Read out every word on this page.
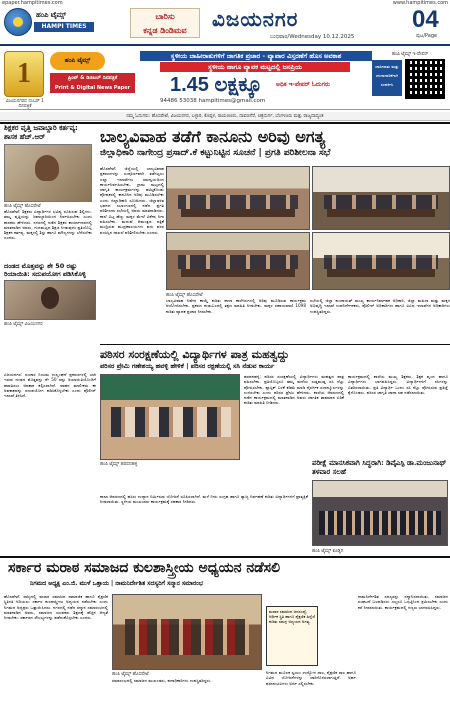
epaper.hampitimes.com	www.hampitimes.com
ಹಂಪಿ ಟೈಮ್ಸ್
HAMPI TIMES
ಬಾರಿಸು
ಕನ್ನಡ ಡಿಂಡಿಮವ	ವಿಜಯನಗರ
ಬುಧವಾರ/Wednesday 10.12.2025
04
ಪುಟ/Page
1
ವಿಜಯನಗರದ ನಂಬರ್ 1 ದಿನಪತ್ರಿಕೆ
ಹಂಪಿ ಟೈಮ್ಸ್
ಪ್ರಿಂಟ್ & ಡಿಜಿಟಲ್ ದಿನಪತ್ರಿಕೆ
Print & Digital News Paper
ಸ್ಥಳೀಯ ಜಾಹೀರಾತುಗಳಿಗೆ ಜಾಗತಿಕ ಪ್ರಚಾರ - ವ್ಯಾಪಾರ ವಿಸ್ತರಣೆಗೆ ಹೊಸ ಅವಕಾಶ
ಸ್ಥಳೀಯ ಹಾಗೂ ವ್ಯಾಪಕ ಮಟ್ಟದಲ್ಲಿ ಜನಪ್ರಿಯ
1.45 ಲಕ್ಷಕ್ಕೂ ಅಧಿಕ ಇ-ಪೇಪರ್ ಓದುಗರು
94486 53038 hampitimes@gmail.com
ಹಂಪಿ ಟೈಮ್ಸ್ ಇ-ಪೇಪರ್
ಜಾಹೀರಾತು ಮತ್ತು ಚಂದಾದಾರಿಕೆಗಾಗಿ ಸಂಪರ್ಕಿಸಿ
ನಮ್ಮ ಓದುಗರು: ಹೊಸಪೇಟೆ, ವಿಜಯನಗರ, ಬಳ್ಳಾರಿ, ಕೊಪ್ಪಳ, ರಾಯಚೂರು, ದಾವಣಗೆರೆ, ಚಿತ್ರದುರ್ಗ, ಬೆಂಗಳೂರು ಮತ್ತು ರಾಜ್ಯದಾದ್ಯಂತ
ಬಾಲ್ಯವಿವಾಹ ತಡೆಗೆ ಕಾನೂನು ಅರಿವು ಅಗತ್ಯ
ಜಿಲ್ಲಾಧಿಕಾರಿ ನಾಗೇಂದ್ರ ಪ್ರಸಾದ್.ಕೆ ಕಟ್ಟುನಿಟ್ಟಿನ ಸೂಚನೆ | ಪ್ರಗತಿ ಪರಿಶೀಲನಾ ಸಭೆ
ಶಿಕ್ಷಕರ ವೃತ್ತಿ ಜವಾಬ್ದಾರಿ ಕರ್ತವ್ಯ: ಶಾಸಕ ಹೆಚ್.ಆರ್
ಹಂಪಿ ಟೈಮ್ಸ್ ಹೊಸಪೇಟೆ
ಹೊಸಪೇಟೆ: ಶಿಕ್ಷಕರು ವಿದ್ಯಾರ್ಥಿಗಳ ಭವಿಷ್ಯ ರೂಪಿಸುವ ಶಿಲ್ಪಿಗಳು. ತಮ್ಮ ವೃತ್ತಿಯನ್ನು ಜವಾಬ್ದಾರಿಯಿಂದ ನಿರ್ವಹಿಸಬೇಕು ಎಂದು ಶಾಸಕರು ಹೇಳಿದರು. ನಗರದಲ್ಲಿ ನಡೆದ ಶಿಕ್ಷಕರ ಕಾರ್ಯಾಗಾರದಲ್ಲಿ ಮಾತನಾಡಿದ ಅವರು, ಗುಣಮಟ್ಟದ ಶಿಕ್ಷಣ ನೀಡುವುದು ಪ್ರತಿಯೊಬ್ಬ ಶಿಕ್ಷಕನ ಕರ್ತವ್ಯ. ಮಕ್ಕಳಲ್ಲಿ ಶಿಸ್ತು ಹಾಗೂ ಮೌಲ್ಯಗಳನ್ನು ಬೆಳೆಸಬೇಕು ಎಂದರು.
ಹೊಸಪೇಟೆ: ಜಿಲ್ಲೆಯಲ್ಲಿ ಬಾಲ್ಯವಿವಾಹ ಪ್ರಕರಣಗಳನ್ನು ಸಂಪೂರ್ಣವಾಗಿ ತಡೆಗಟ್ಟಲು ಎಲ್ಲಾ ಇಲಾಖೆಗಳು ಸಮನ್ವಯದಿಂದ ಕಾರ್ಯನಿರ್ವಹಿಸಬೇಕು. ಗ್ರಾಮ ಮಟ್ಟದಲ್ಲಿ ಜಾಗೃತಿ ಕಾರ್ಯಕ್ರಮಗಳನ್ನು ಹಮ್ಮಿಕೊಂಡು ಪೋಷಕರಲ್ಲಿ ಕಾನೂನಿನ ಅರಿವು ಮೂಡಿಸಬೇಕು ಎಂದು ಜಿಲ್ಲಾಧಿಕಾರಿ ಸೂಚಿಸಿದರು. ಜಿಲ್ಲಾಡಳಿತ ಭವನದ ಸಭಾಂಗಣದಲ್ಲಿ ನಡೆದ ಪ್ರಗತಿ ಪರಿಶೀಲನಾ ಸಭೆಯಲ್ಲಿ ಅವರು ಮಾತನಾಡಿದರು. ಶಾಲೆ ಬಿಟ್ಟ ಹೆಣ್ಣು ಮಕ್ಕಳ ಮೇಲೆ ವಿಶೇಷ ನಿಗಾ ವಹಿಸಬೇಕು. ಮದುವೆ ಆಮಂತ್ರಣ ಪತ್ರಿಕೆ ಮುದ್ರಿಸುವ ಮುದ್ರಣಾಲಯಗಳು ವಧು ವರರ ವಯಸ್ಸಿನ ದಾಖಲೆ ಪರಿಶೀಲಿಸಬೇಕು ಎಂದರು.
ಹಂಪಿ ಟೈಮ್ಸ್ ಹೊಸಪೇಟೆ
ಬಾಲ್ಯವಿವಾಹ ನಿಷೇಧ ಕಾಯ್ದೆ ಕುರಿತು ಶಾಲಾ ಕಾಲೇಜುಗಳಲ್ಲಿ ಅರಿವು ಮೂಡಿಸುವ ಕಾರ್ಯಕ್ರಮ ಆಯೋಜಿಸಬೇಕು. ಪ್ರಕರಣ ಕಂಡುಬಂದಲ್ಲಿ ತಕ್ಷಣ ಮಾಹಿತಿ ನೀಡಬೇಕು. ಮಕ್ಕಳ ಸಹಾಯವಾಣಿ 1098 ಕುರಿತು ವ್ಯಾಪಕ ಪ್ರಚಾರ ನೀಡಬೇಕು.
ಸಭೆಯಲ್ಲಿ ಜಿಲ್ಲಾ ಪಂಚಾಯತ್ ಮುಖ್ಯ ಕಾರ್ಯನಿರ್ವಾಹಕ ಅಧಿಕಾರಿ, ಜಿಲ್ಲಾ ಮಹಿಳಾ ಮತ್ತು ಮಕ್ಕಳ ಅಭಿವೃದ್ಧಿ ಇಲಾಖೆ ಉಪನಿರ್ದೇಶಕರು, ಪೊಲೀಸ್ ಅಧಿಕಾರಿಗಳು ಹಾಗೂ ವಿವಿಧ ಇಲಾಖೆಗಳ ಅಧಿಕಾರಿಗಳು ಉಪಸ್ಥಿತರಿದ್ದರು.
ದಂಡದ ಮೊತ್ತವನ್ನು ಶೇ 50 ರಷ್ಟು ರಿಯಾಯಿತಿ: ಸದುಪಯೋಗ ಪಡಿಸಿಕೊಳ್ಳಿ
ಹಂಪಿ ಟೈಮ್ಸ್ ವಿಜಯನಗರ
ಪಠಿಸರ ಸಂರಕ್ಷಣೆಯಲ್ಲಿ ವಿದ್ಯಾರ್ಥಿಗಳ ಪಾತ್ರ ಮಹತ್ವದ್ದು
ಪರಿಸರ ಪ್ರೇಮಿ ಗಣೇಶಯ್ಯ ಹವಳ್ಳಿ ಹೇಳಿಕೆ | ಪರಿಸರ ರಕ್ಷಣೆಯಲ್ಲಿ ಸಸಿ ನೆಡುವ ಕಾರ್ಯ
ಹಂಪಿ ಟೈಮ್ಸ್ ಹರಪನಹಳ್ಳಿ
ಹರಪನಹಳ್ಳಿ: ಪರಿಸರ ಸಂರಕ್ಷಣೆಯಲ್ಲಿ ವಿದ್ಯಾರ್ಥಿಗಳು ಮಹತ್ವದ ಪಾತ್ರ ವಹಿಸಬೇಕು. ಪ್ರತಿಯೊಬ್ಬರೂ ತಮ್ಮ ಮನೆಯ ಸುತ್ತಮುತ್ತ ಸಸಿ ನೆಟ್ಟು ಪೋಷಿಸಬೇಕು. ಪ್ಲಾಸ್ಟಿಕ್ ಬಳಕೆ ಕಡಿಮೆ ಮಾಡಿ ನೈಸರ್ಗಿಕ ಸಂಪನ್ಮೂಲಗಳನ್ನು ಉಳಿಸಬೇಕು ಎಂದು ಪರಿಸರ ಪ್ರೇಮಿ ಹೇಳಿದರು. ಶಾಲೆಯ ಆವರಣದಲ್ಲಿ ನಡೆದ ಕಾರ್ಯಕ್ರಮದಲ್ಲಿ ಮಾತನಾಡಿದ ಅವರು ಜಾಗತಿಕ ತಾಪಮಾನ ಏರಿಕೆ ಕುರಿತು ಮಾಹಿತಿ ನೀಡಿದರು.
ಕಾರ್ಯಕ್ರಮದಲ್ಲಿ ಶಾಲೆಯ ಮುಖ್ಯ ಶಿಕ್ಷಕರು, ಶಿಕ್ಷಕ ವೃಂದ ಹಾಗೂ ವಿದ್ಯಾರ್ಥಿಗಳು ಭಾಗವಹಿಸಿದ್ದರು. ವಿದ್ಯಾರ್ಥಿಗಳಿಗೆ ಸಸಿಗಳನ್ನು ವಿತರಿಸಲಾಯಿತು. ಪ್ರತಿ ವಿದ್ಯಾರ್ಥಿ ಒಂದು ಸಸಿ ನೆಟ್ಟು ಪೋಷಿಸುವ ಪ್ರತಿಜ್ಞೆ ಕೈಗೊಂಡರು. ಪರಿಸರ ಜಾಗೃತಿ ಜಾಥಾ ಸಹ ನಡೆಸಲಾಯಿತು.
ವಿಜಯನಗರ: ಸಂಚಾರ ನಿಯಮ ಉಲ್ಲಂಘನೆ ಪ್ರಕರಣಗಳಲ್ಲಿ ಬಾಕಿ ಇರುವ ದಂಡದ ಮೊತ್ತವನ್ನು ಶೇ 50 ರಷ್ಟು ರಿಯಾಯಿತಿಯೊಂದಿಗೆ ಪಾವತಿಸಲು ಅವಕಾಶ ಕಲ್ಪಿಸಲಾಗಿದೆ. ವಾಹನ ಮಾಲೀಕರು ಈ ಅವಕಾಶವನ್ನು ಸದುಪಯೋಗ ಪಡಿಸಿಕೊಳ್ಳಬೇಕು ಎಂದು ಪೊಲೀಸ್ ಇಲಾಖೆ ತಿಳಿಸಿದೆ.
ಶಾಲಾ ಆವರಣದಲ್ಲಿ ಹಸಿರು ಉದ್ಯಾನ ನಿರ್ಮಿಸುವ ಯೋಜನೆ ರೂಪಿಸಲಾಗಿದೆ. ಮಳೆ ನೀರು ಸಂಗ್ರಹ ಹಾಗೂ ತ್ಯಾಜ್ಯ ನಿರ್ವಹಣೆ ಕುರಿತು ವಿದ್ಯಾರ್ಥಿಗಳಿಗೆ ಪ್ರಾತ್ಯಕ್ಷಿಕೆ ನೀಡಲಾಯಿತು. ಸ್ಥಳೀಯ ಮುಖಂಡರು ಕಾರ್ಯಕ್ರಮಕ್ಕೆ ಸಹಕಾರ ನೀಡಿದರು.
ಪರೀಕ್ಷೆ ಮಾನಸಿಕವಾಗಿ ಸಿದ್ಧರಾಗಿ: ಡಿವೈಎಸ್ಪಿ ಡಾ.ಮಂಜುನಾಥ್ ತಳವಾರ ಸಲಹೆ
ಸರ್ಕಾರ ಮರಾಠ ಸಮಾಜದ ಕುಲಶಾಸ್ತ್ರೀಯ ಅಧ್ಯಯನ ನಡೆಸಲಿ
ನಿಗಮದ ಅಧ್ಯಕ್ಷ ಎಂ.ಜಿ. ಮುಳೆ ಒತ್ತಾಯ | ನಾಮನಿರ್ದೇಶಿತ ಸದಸ್ಯರಿಗೆ ಸನ್ಮಾನ ಸಮಾರಂಭ
ಹೊಸಪೇಟೆ: ರಾಜ್ಯದಲ್ಲಿ ಮರಾಠ ಸಮಾಜದ ಸಾಮಾಜಿಕ ಹಾಗೂ ಶೈಕ್ಷಣಿಕ ಸ್ಥಿತಿಗತಿ ಅರಿಯಲು ಸರ್ಕಾರ ಕುಲಶಾಸ್ತ್ರೀಯ ಅಧ್ಯಯನ ನಡೆಸಬೇಕು ಎಂದು ನಿಗಮದ ಅಧ್ಯಕ್ಷರು ಒತ್ತಾಯಿಸಿದರು. ನಗರದಲ್ಲಿ ನಡೆದ ಸನ್ಮಾನ ಸಮಾರಂಭದಲ್ಲಿ ಮಾತನಾಡಿದ ಅವರು, ಸಮಾಜದ ಯುವಕರು ಶಿಕ್ಷಣಕ್ಕೆ ಹೆಚ್ಚಿನ ಆದ್ಯತೆ ನೀಡಬೇಕು. ಸರ್ಕಾರದ ಸೌಲಭ್ಯಗಳನ್ನು ಪಡೆದುಕೊಳ್ಳಬೇಕು ಎಂದರು.
ಹಂಪಿ ಟೈಮ್ಸ್ ಹೊಸಪೇಟೆ
ಸಮಾರಂಭದಲ್ಲಿ ಸಮಾಜದ ಮುಖಂಡರು, ಪದಾಧಿಕಾರಿಗಳು ಉಪಸ್ಥಿತರಿದ್ದರು.
ನಿಗಮದ ಮೂಲಕ ಸ್ವಯಂ ಉದ್ಯೋಗ ಸಾಲ, ಶೈಕ್ಷಣಿಕ ಸಾಲ ಹಾಗೂ ವಿವಿಧ ಯೋಜನೆಗಳನ್ನು ಜಾರಿಗೊಳಿಸಲಾಗುತ್ತಿದೆ. ಅರ್ಹ ಫಲಾನುಭವಿಗಳು ಅರ್ಜಿ ಸಲ್ಲಿಸಬೇಕು.
ಮರಾಠ ಸಮಾಜದ ಜನಸಂಖ್ಯೆ, ಆರ್ಥಿಕ ಸ್ಥಿತಿ ಹಾಗೂ ಶೈಕ್ಷಣಿಕ ಹಿನ್ನೆಲೆ ಕುರಿತು ಸಮಗ್ರ ಅಧ್ಯಯನ ಅಗತ್ಯ.
ನಾಮನಿರ್ದೇಶಿತ ಸದಸ್ಯರನ್ನು ಸನ್ಮಾನಿಸಲಾಯಿತು. ಸಮಾಜದ ಸಂಘಟನೆ ಬಲಪಡಿಸಲು ಎಲ್ಲರೂ ಒಗ್ಗಟ್ಟಿನಿಂದ ಶ್ರಮಿಸಬೇಕು ಎಂದು ಕರೆ ನೀಡಲಾಯಿತು. ಕಾರ್ಯಕ್ರಮದಲ್ಲಿ ಗಣ್ಯರು ಭಾಗವಹಿಸಿದ್ದರು.
ಹಂಪಿ ಟೈಮ್ಸ್ ಕೂಡ್ಲಿಗಿ
